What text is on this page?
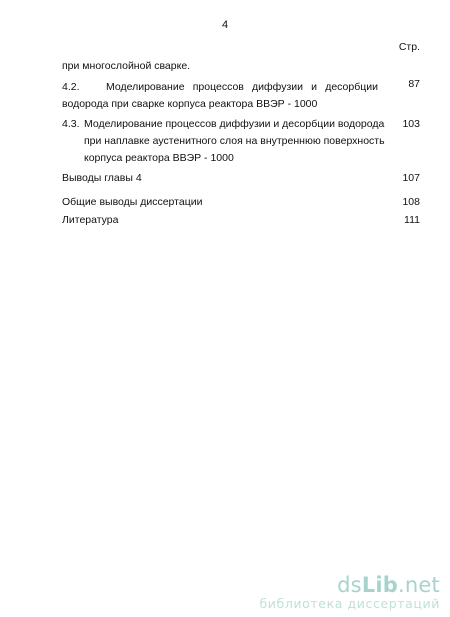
4
Стр.
при многослойной сварке.
4.2.	Моделирование процессов диффузии и десорбции	87
водорода при сварке корпуса реактора ВВЭР - 1000
4.3. Моделирование процессов диффузии и десорбции водорода 103
при наплавке аустенитного слоя на внутреннюю поверхность
корпуса реактора ВВЭР - 1000
Выводы главы 4	107
Общие выводы диссертации	108
Литература	111
dsLib.net
библиотека диссертаций
